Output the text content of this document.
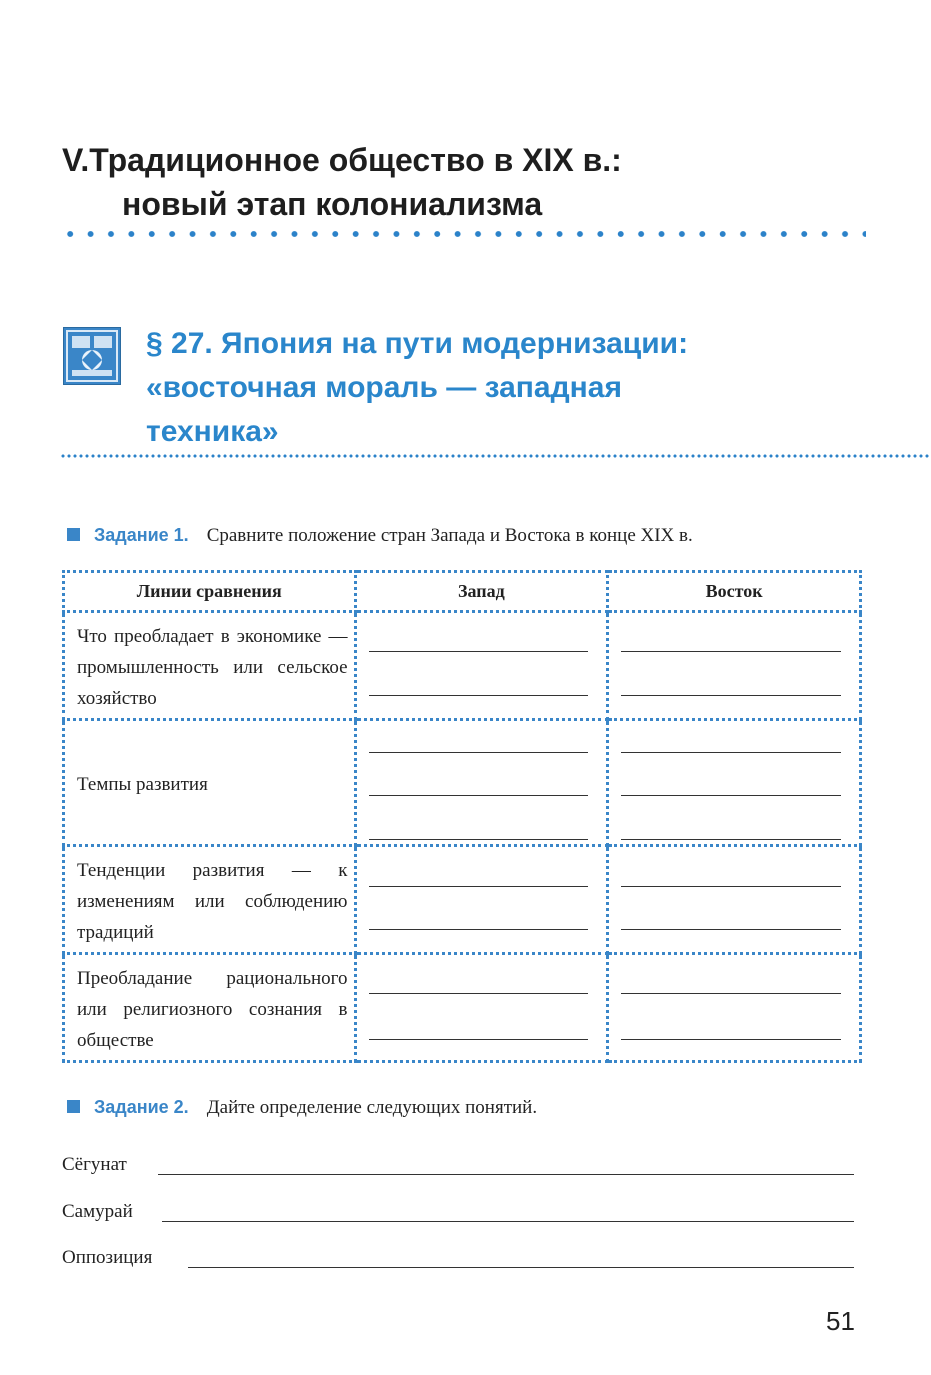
V.Традиционное общество в XIX в.:
новый этап колониализма
§ 27. Япония на пути модернизации:
«восточная мораль — западная
техника»
Задание 1. Сравните положение стран Запада и Востока в конце XIX в.
Линии сравнения	Запад	Восток
Что преобладает в экономике — промышленность или сельское хозяйство	

Темпы развития	

Тенденции развития — к изменениям или соблюдению традиций	

Преобладание рационального или религиозного сознания в обществе	

Задание 2. Дайте определение следующих понятий.
Сёгунат
Самурай
Оппозиция
51
